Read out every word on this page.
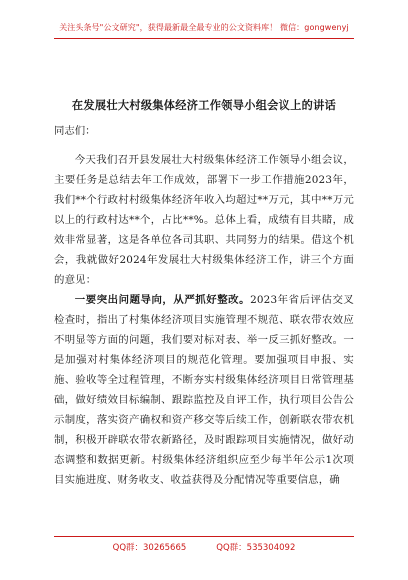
关注头条号"公文研究"，获得最新最全最专业的公文资料库！ 微信：gongwenyj
在发展壮大村级集体经济工作领导小组会议上的讲话
同志们：

今天我们召开县发展壮大村级集体经济工作领导小组会议，主要任务是总结去年工作成效，部署下一步工作措施2023年，我们**个行政村村级集体经济年收入均超过**万元，其中**万元以上的行政村达**个，占比**%。总体上看，成绩有目共睹，成效非常显著，这是各单位各司其职、共同努力的结果。借这个机会，我就做好2024年发展壮大村级集体经济工作，讲三个方面的意见：

一要突出问题导向，从严抓好整改。2023年省后评估交叉检查时，指出了村集体经济项目实施管理不规范、联农带农效应不明显等方面的问题，我们要对标对表、举一反三抓好整改。一是加强对村集体经济项目的规范化管理。要加强项目申报、实施、验收等全过程管理，不断夯实村级集体经济项目日常管理基础，做好绩效目标编制、跟踪监控及自评工作，执行项目公告公示制度，落实资产确权和资产移交等后续工作，创新联农带农机制，积极开辟联农带农新路径，及时跟踪项目实施情况，做好动态调整和数据更新。村级集体经济组织应至少每半年公示1次项目实施进度、财务收支、收益获得及分配情况等重要信息，确

QQ群：30265665	QQ群：535304092
